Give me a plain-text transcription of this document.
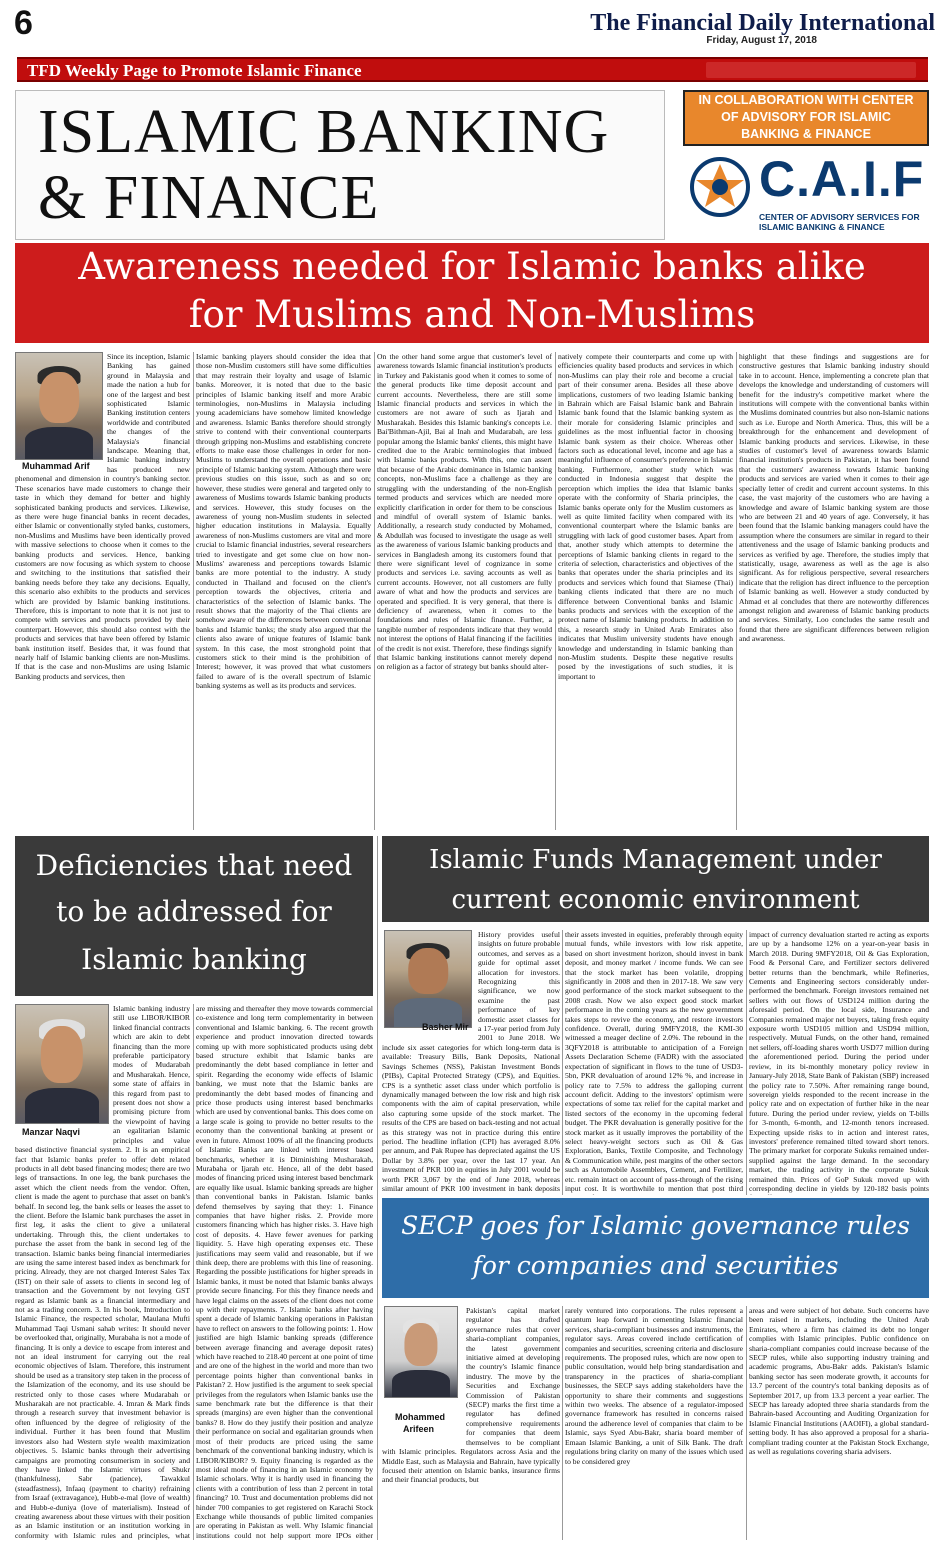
6	The Financial Daily International
Friday, August 17, 2018
TFD Weekly Page to Promote Islamic Finance
ISLAMIC BANKING
& FINANCE
IN COLLABORATION WITH CENTER
OF ADVISORY FOR ISLAMIC
BANKING & FINANCE
C.A.I.F
CENTER OF ADVISORY SERVICES FOR ISLAMIC BANKING & FINANCE
Awareness needed for Islamic banks alike
for Muslims and Non-Muslims
Muhammad Arif

Since its inception, Islamic Banking has gained ground in Malaysia and made the nation a hub for one of the largest and best sophisticated Islamic Banking institution centers worldwide and contributed the changes of the Malaysia's financial landscape. Meaning that, Islamic banking industry has produced new phenomenal and dimension in country's banking sector. These scenarios have made customers to change their taste in which they demand for better and highly sophisticated banking products and services. Likewise, as there were huge financial banks in recent decades, either Islamic or conventionally styled banks, customers, non-Muslims and Muslims have been identically proved with massive selections to choose when it comes to the banking products and services. Hence, banking customers are now focusing as which system to choose and switching to the institutions that satisfied their banking needs before they take any decisions. Equally, this scenario also exhibits to the products and services which are provided by Islamic banking institutions. Therefore, this is important to note that it is not just to compete with services and products provided by their counterpart. However, this should also contest with the products and services that have been offered by Islamic bank institution itself. Besides that, it was found that nearly half of Islamic banking clients are non-Muslims. If that is the case and non-Muslims are using Islamic Banking products and services, then

Islamic banking players should consider the idea that those non-Muslim customers still have some difficulties that may restrain their loyalty and usage of Islamic banks. Moreover, it is noted that due to the basic principles of Islamic banking itself and more Arabic terminologies, non-Muslims in Malaysia including young academicians have somehow limited knowledge and awareness. Islamic Banks therefore should strongly strive to contend with their conventional counterparts through gripping non-Muslims and establishing concrete efforts to make ease those challenges in order for non-Muslims to understand the overall operations and basic principle of Islamic banking system. Although there were previous studies on this issue, such as and so on; however, these studies were general and targeted only to awareness of Muslims towards Islamic banking products and services. However, this study focuses on the awareness of young non-Muslim students in selected higher education institutions in Malaysia. Equally awareness of non-Muslims customers are vital and more crucial to Islamic financial industries, several researchers tried to investigate and get some clue on how non-Muslims' awareness and perceptions towards Islamic banks are more potential to the industry. A study conducted in Thailand and focused on the client's perception towards the objectives, criteria and characteristics of the selection of Islamic banks. The result shows that the majority of the Thai clients are somehow aware of the differences between conventional banks and Islamic banks; the study also argued that the clients also aware of unique features of Islamic bank system. In this case, the most stronghold point that customers stick to their mind is the prohibition of Interest; however, it was proved that what customers failed to aware of is the overall spectrum of Islamic banking systems as well as its products and services.

On the other hand some argue that customer's level of awareness towards Islamic financial institution's products in Turkey and Pakistanis good when it comes to some of the general products like time deposit account and current accounts. Nevertheless, there are still some Islamic financial products and services in which the customers are not aware of such as Ijarah and Musharakah. Besides this Islamic banking's concepts i.e. Bai'Bithman-Ajil, Bai al Inah and Mudarabah, are less popular among the Islamic banks' clients, this might have credited due to the Arabic terminologies that imbued with Islamic banks products. With this, one can assert that because of the Arabic dominance in Islamic banking concepts, non-Muslims face a challenge as they are struggling with the understanding of the non-English termed products and services which are needed more explicitly clarification in order for them to be conscious and mindful of overall system of Islamic banks. Additionally, a research study conducted by Mohamed, & Abdullah was focused to investigate the usage as well as the awareness of various Islamic banking products and services in Bangladesh among its customers found that there were significant level of cognizance in some products and services i.e. saving accounts as well as current accounts. However, not all customers are fully aware of what and how the products and services are operated and specified. It is very general, that there is deficiency of awareness, when it comes to the foundations and rules of Islamic finance. Further, a tangible number of respondents indicate that they would not interest the options of Halal financing if the facilities of the credit is not exist. Therefore, these findings signify that Islamic banking institutions cannot merely depend on religion as a factor of strategy but banks should alter-

natively compete their counterparts and come up with efficiencies quality based products and services in which non-Muslims can play their role and become a crucial part of their consumer arena. Besides all these above implications, customers of two leading Islamic banking in Bahrain which are Faisal Islamic bank and Bahrain Islamic bank found that the Islamic banking system as their morale for considering Islamic principles and guidelines as the most influential factor in choosing Islamic bank system as their choice. Whereas other factors such as educational level, income and age has a meaningful influence of consumer's preference in Islamic banking. Furthermore, another study which was conducted in Indonesia suggest that despite the perception which implies the idea that Islamic banks operate with the conformity of Sharia principles, the Islamic banks operate only for the Muslim customers as well as quite limited facility when compared with its conventional counterpart where the Islamic banks are struggling with lack of good customer bases. Apart from that, another study which attempts to determine the perceptions of Islamic banking clients in regard to the criteria of selection, characteristics and objectives of the banks that operates under the sharia principles and its products and services which found that Siamese (Thai) banking clients indicated that there are no much difference between Conventional banks and Islamic banks products and services with the exception of the protect name of Islamic banking products. In addition to this, a research study in United Arab Emirates also indicates that Muslim university students have enough knowledge and understanding in Islamic banking than non-Muslim students. Despite these negative results posed by the investigations of such studies, it is important to

highlight that these findings and suggestions are for constructive gestures that Islamic banking industry should take in to account. Hence, implementing a concrete plan that develops the knowledge and understanding of customers will benefit for the industry's competitive market where the institutions will compete with the conventional banks within the Muslims dominated countries but also non-Islamic nations such as i.e. Europe and North America. Thus, this will be a breakthrough for the enhancement and development of Islamic banking products and services. Likewise, in these studies of customer's level of awareness towards Islamic financial institution's products in Pakistan, it has been found that the customers' awareness towards Islamic banking products and services are varied when it comes to their age specially letter of credit and current account systems. In this case, the vast majority of the customers who are having a knowledge and aware of Islamic banking system are those who are between 21 and 40 years of age. Conversely, it has been found that the Islamic banking managers could have the assumption where the consumers are similar in regard to their attentiveness and the usage of Islamic banking products and services as verified by age. Therefore, the studies imply that statistically, usage, awareness as well as the age is also significant. As for religious perspective, several researchers indicate that the religion has direct influence to the perception of Islamic banking as well. However a study conducted by Ahmad et al concludes that there are noteworthy differences amongst religion and awareness of Islamic banking products and services. Similarly, Loo concludes the same result and found that there are significant differences between religion and awareness.

Deficiencies that need
to be addressed for
Islamic banking
Manzar Naqvi

Islamic banking industry still use LIBOR/KIBOR linked financial contracts which are akin to debt financing than the more preferable participatory modes of Mudarabah and Musharakah. Hence, some state of affairs in this regard from past to present does not show a promising picture from the viewpoint of having an egalitarian Islamic principles and value based distinctive financial system. 2. It is an empirical fact that Islamic banks prefer to offer debt related products in all debt based financing modes; there are two legs of transactions. In one leg, the bank purchases the asset which the client needs from the vendor. Often, client is made the agent to purchase that asset on bank's behalf. In second leg, the bank sells or leases the asset to the client. Before the Islamic bank purchases the asset in first leg, it asks the client to give a unilateral undertaking. Through this, the client undertakes to purchase the asset from the bank in second leg of the transaction. Islamic banks being financial intermediaries are using the same interest based index as benchmark for pricing. Already, they are not charged Interest Sales Tax (IST) on their sale of assets to clients in second leg of transaction and the Government by not levying GST regard as Islamic bank as a financial intermediary and not as a trading concern. 3. In his book, Introduction to Islamic Finance, the respected scholar, Maulana Mufti Muhammad Taqi Usmani sahab writes: It should never be overlooked that, originally, Murabaha is not a mode of financing. It is only a device to escape from interest and not an ideal instrument for carrying out the real economic objectives of Islam. Therefore, this instrument should be used as a transitory step taken in the process of the Islamization of the economy, and its use should be restricted only to those cases where Mudarabah or Musharakah are not practicable. 4. Imran & Mark finds through a research survey that investment behavior is often influenced by the degree of religiosity of the individual. Further it has been found that Muslim investors also had Western style wealth maximization objectives. 5. Islamic banks through their advertising campaigns are promoting consumerism in society and they have linked the Islamic virtues of Shukr (thankfulness), Sabr (patience), Tawakkul (steadfastness), Infaaq (payment to charity) refraining from Israaf (extravagance), Hubb-e-mal (love of wealth) and Hubb-e-duniya (love of materialism). Instead of creating awareness about these virtues with their position as an Islamic institution or an institution working in conformity with Islamic rules and principles, what

are missing and thereafter they move towards commercial co-existence and long term complementarity in between conventional and Islamic banking. 6. The recent growth experience and product innovation directed towards coming up with more sophisticated products using debt based structure exhibit that Islamic banks are predominantly the debt based compliance in letter and spirit. Regarding the economy wide effects of Islamic banking, we must note that the Islamic banks are predominantly the debt based modes of financing and price those products using interest based benchmarks which are used by conventional banks. This does come on a large scale is going to provide no better results to the economy than the conventional banking at present or even in future. Almost 100% of all the financing products of Islamic Banks are linked with interest based benchmarks, whether it is Diminishing Musharakah, Murabaha or Ijarah etc. Hence, all of the debt based modes of financing priced using interest based benchmark are equally like usual. Islamic banking spreads are higher than conventional banks in Pakistan. Islamic banks defend themselves by saying that they: 1. Finance companies that have higher risks. 2. Provide more customers financing which has higher risks. 3. Have high cost of deposits. 4. Have fewer avenues for parking liquidity. 5. Have high operating expenses etc. These justifications may seem valid and reasonable, but if we think deep, there are problems with this line of reasoning. Regarding the possible justifications for higher spreads in Islamic banks, it must be noted that Islamic banks always provide secure financing. For this they finance needs and have legal claims on the assets of the client does not come up with their repayments. 7. Islamic banks after having spent a decade of Islamic banking operations in Pakistan have to reflect on answers to the following points: 1. How justified are high Islamic banking spreads (difference between average financing and average deposit rates) which have reached to 218.40 percent at one point of time and are one of the highest in the world and more than two percentage points higher than conventional banks in Pakistan? 2. How justified is the argument to seek special privileges from the regulators when Islamic banks use the same benchmark rate but the difference is that their spreads (margins) are even higher than the conventional banks? 8. How do they justify their position and analyze their performance on social and egalitarian grounds when most of their products are priced using the same benchmark of the conventional banking industry, which is LIBOR/KIBOR? 9. Equity financing is regarded as the most ideal mode of financing in an Islamic economy by Islamic scholars. Why it is hardly used in financing the clients with a contribution of less than 2 percent in total financing? 10. Trust and documentation problems did not hinder 700 companies to get registered on Karachi Stock Exchange while thousands of public limited companies are operating in Pakistan as well. Why Islamic financial institutions could not help support more IPOs either

Islamic Funds Management under
current economic environment
Basher Mir

History provides useful insights on future probable outcomes, and serves as a guide for optimal asset allocation for investors. Recognizing this significance, we now examine the past performance of key domestic asset classes for a 17-year period from July 2001 to June 2018. We include six asset categories for which long-term data is available: Treasury Bills, Bank Deposits, National Savings Schemes (NSS), Pakistan Investment Bonds (PIBs), Capital Protected Strategy (CPS), and Equities. CPS is a synthetic asset class under which portfolio is dynamically managed between the low risk and high risk components with the aim of capital preservation, while also capturing some upside of the stock market. The results of the CPS are based on back-testing and not actual as this strategy was not in practice during this entire period. The headline inflation (CPI) has averaged 8.0% per annum, and Pak Rupee has depreciated against the US Dollar by 3.8% per year, over the last 17 year. An investment of PKR 100 in equities in July 2001 would be worth PKR 3,067 by the end of June 2018, whereas similar amount of PKR 100 investment in bank deposits

their assets invested in equities, preferably through equity mutual funds, while investors with low risk appetite, based on short investment horizon, should invest in bank deposit, and money market / income funds. We can see that the stock market has been volatile, dropping significantly in 2008 and then in 2017-18. We saw very good performance of the stock market subsequent to the 2008 crash. Now we also expect good stock market performance in the coming years as the new government takes steps to revive the economy, and restore investors confidence. Overall, during 9MFY2018, the KMI-30 witnessed a meager decline of 2.0%. The rebound in the 3QFY2018 is attributable to anticipation of a Foreign Assets Declaration Scheme (FADR) with the associated expectation of significant in flows to the tune of USD3-5bn, PKR devaluation of around 12% %, and increase in policy rate to 7.5% to address the galloping current account deficit. Adding to the investors' optimism were expectations of some tax relief for the capital market and listed sectors of the economy in the upcoming federal budget. The PKR devaluation is generally positive for the stock market as it usually improves the portability of the select heavy-weight sectors such as Oil & Gas Exploration, Banks, Textile Composite, and Technology & Communication while, pest margins of the other sectors such as Automobile Assemblers, Cement, and Fertilizer, etc. remain intact on account of pass-through of the rising input cost. It is worthwhile to mention that post third

impact of currency devaluation started re acting as exports are up by a handsome 12% on a year-on-year basis in March 2018. During 9MFY2018, Oil & Gas Exploration, Food & Personal Care, and Fertilizer sectors delivered better returns than the benchmark, while Refineries, Cements and Engineering sectors considerably under-performed the benchmark. Foreign investors remained net sellers with out flows of USD124 million during the aforesaid period. On the local side, Insurance and Companies remained major net buyers, taking fresh equity exposure worth USD105 million and USD94 million, respectively. Mutual Funds, on the other hand, remained net sellers, off-loading shares worth USD77 million during the aforementioned period. During the period under review, in its bi-monthly monetary policy review in January-July 2018, State Bank of Pakistan (SBP) increased the policy rate to 7.50%. After remaining range bound, sovereign yields responded to the recent increase in the policy rate and on expectation of further hike in the near future. During the period under review, yields on T-bills for 3-month, 6-month, and 12-month tenors increased. Expecting upside risks to in action and interest rates, investors' preference remained tilted toward short tenors. The primary market for corporate Sukuks remained under-supplied against the large demand. In the secondary market, the trading activity in the corporate Sukuk remained thin. Prices of GoP Sukuk moved up with corresponding decline in yields by 120-182 basis points

SECP goes for Islamic governance rules
for companies and securities
Mohammed
Arifeen

Pakistan's capital market regulator has drafted governance rules that cover sharia-compliant companies, the latest government initiative aimed at developing the country's Islamic finance industry. The move by the Securities and Exchange Commission of Pakistan (SECP) marks the first time a regulator has defined comprehensive requirements for companies that deem themselves to be compliant with Islamic principles. Regulators across Asia and the Middle East, such as Malaysia and Bahrain, have typically focused their attention on Islamic banks, insurance firms and their financial products, but

rarely ventured into corporations. The rules represent a quantum leap forward in cementing Islamic financial services, sharia-compliant businesses and instruments, the regulator says. Areas covered include certification of companies and securities, screening criteria and disclosure requirements. The proposed rules, which are now open to public consultation, would help bring standardisation and transparency in the practices of sharia-compliant businesses, the SECP says adding stakeholders have the opportunity to share their comments and suggestions within two weeks. The absence of a regulator-imposed governance framework has resulted in concerns raised around the adherence level of companies that claim to be Islamic, says Syed Abu-Bakr, sharia board member of Emaan Islamic Banking, a unit of Silk Bank. The draft regulations bring clarity on many of the issues which used to be considered grey

areas and were subject of hot debate. Such concerns have been raised in markets, including the United Arab Emirates, where a firm has claimed its debt no longer complies with Islamic principles. Public confidence on sharia-compliant companies could increase because of the SECP rules, while also supporting industry training and academic programs, Abu-Bakr adds. Pakistan's Islamic banking sector has seen moderate growth, it accounts for 13.7 percent of the country's total banking deposits as of September 2017, up from 13.3 percent a year earlier. The SECP has laready adopted three sharia standards from the Bahrain-based Accounting and Auditing Organization for Islamic Financial Institutions (AAOIFI), a global standard-setting body. It has also approved a proposal for a sharia-compliant trading counter at the Pakistan Stock Exchange, as well as regulations covering sharia advisers.
